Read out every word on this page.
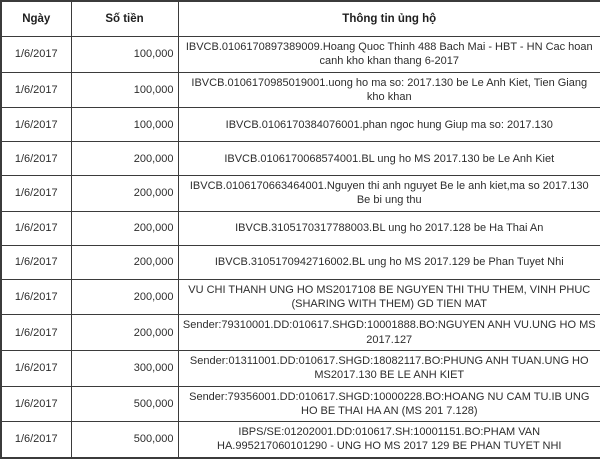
Ngày	Số tiền	Thông tin ủng hộ
1/6/2017	100,000	IBVCB.0106170897389009.Hoang Quoc Thinh 488 Bach Mai - HBT - HN Cac hoan canh kho khan thang 6-2017
1/6/2017	100,000	IBVCB.0106170985019001.uong ho ma so: 2017.130 be Le Anh Kiet, Tien Giang kho khan
1/6/2017	100,000	IBVCB.0106170384076001.phan ngoc hung Giup ma so: 2017.130
1/6/2017	200,000	IBVCB.0106170068574001.BL ung ho MS 2017.130 be Le Anh Kiet
1/6/2017	200,000	IBVCB.0106170663464001.Nguyen thi anh nguyet Be le anh kiet,ma so 2017.130 Be bi ung thu
1/6/2017	200,000	IBVCB.3105170317788003.BL ung ho 2017.128 be Ha Thai An
1/6/2017	200,000	IBVCB.3105170942716002.BL ung ho MS 2017.129 be Phan Tuyet Nhi
1/6/2017	200,000	VU CHI THANH UNG HO MS2017108 BE NGUYEN THI THU THEM, VINH PHUC (SHARING WITH THEM) GD TIEN MAT
1/6/2017	200,000	Sender:79310001.DD:010617.SHGD:10001888.BO:NGUYEN ANH VU.UNG HO MS 2017.127
1/6/2017	300,000	Sender:01311001.DD:010617.SHGD:18082117.BO:PHUNG ANH TUAN.UNG HO MS2017.130 BE LE ANH KIET
1/6/2017	500,000	Sender:79356001.DD:010617.SHGD:10000228.BO:HOANG NU CAM TU.IB UNG HO BE THAI HA AN (MS 201 7.128)
1/6/2017	500,000	IBPS/SE:01202001.DD:010617.SH:10001151.BO:PHAM VAN HA.995217060101290 - UNG HO MS 2017 129 BE PHAN TUYET NHI
